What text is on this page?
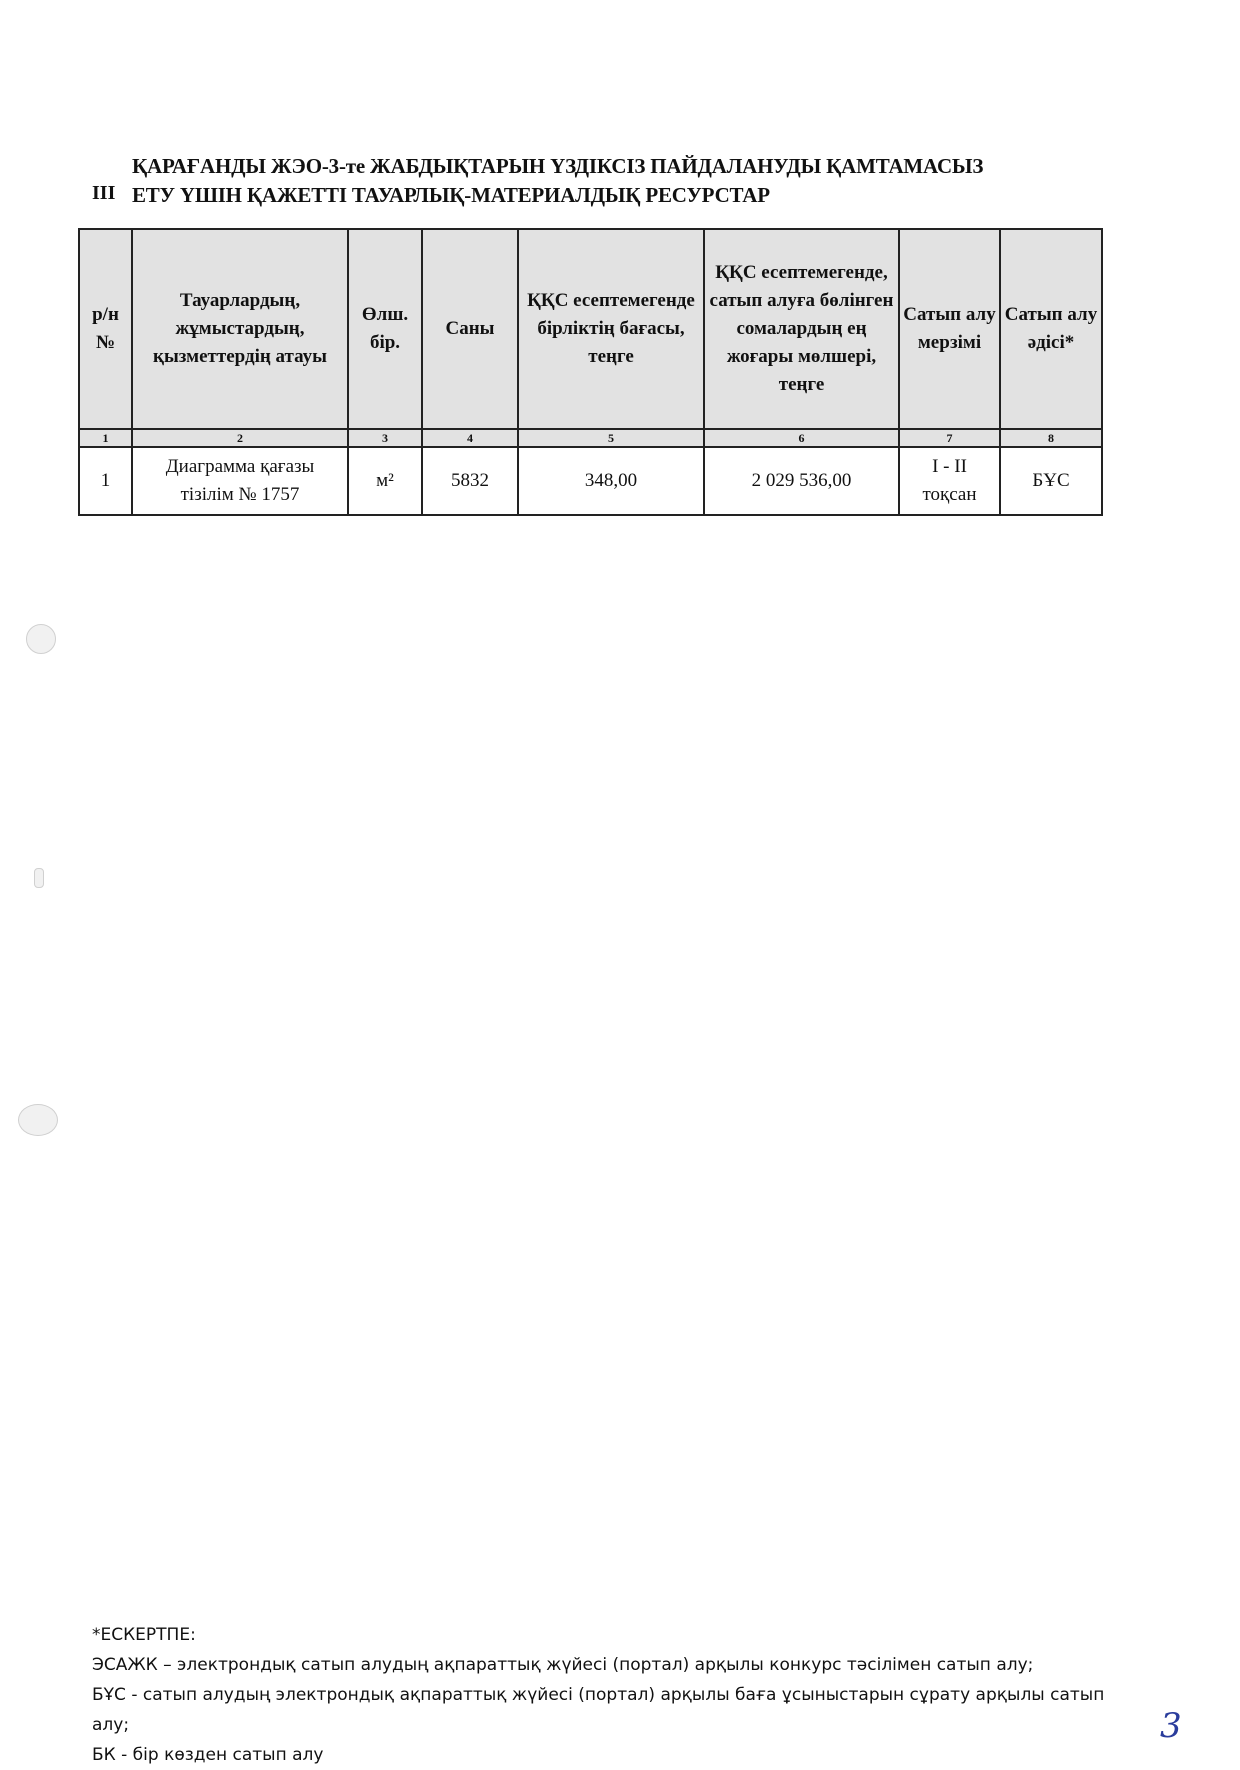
III
ҚАРАҒАНДЫ ЖЭО-3-те ЖАБДЫҚТАРЫН ҮЗДІКСІЗ ПАЙДАЛАНУДЫ ҚАМТАМАСЫЗ
ЕТУ ҮШІН ҚАЖЕТТІ ТАУАРЛЫҚ-МАТЕРИАЛДЫҚ РЕСУРСТАР
р/н №	Тауарлардың, жұмыстардың, қызметтердің атауы	Өлш. бір.	Саны	ҚҚС есептемегенде бірліктің бағасы, теңге	ҚҚС есептемегенде, сатып алуға бөлінген сомалардың ең жоғары мөлшері, теңге	Сатып алу мерзімі	Сатып алу әдісі*
1	2	3	4	5	6	7	8
1	Диаграмма қағазы тізілім № 1757	м²	5832	348,00	2 029 536,00	I - II тоқсан	БҰС

*ЕСКЕРТПЕ:

ЭСАЖК – электрондық сатып алудың ақпараттық жүйесі (портал) арқылы конкурс тәсілімен сатып алу;

БҰС - сатып алудың электрондық ақпараттық жүйесі (портал) арқылы баға ұсыныстарын сұрату арқылы сатып алу;

БК - бір көзден сатып алу

3
